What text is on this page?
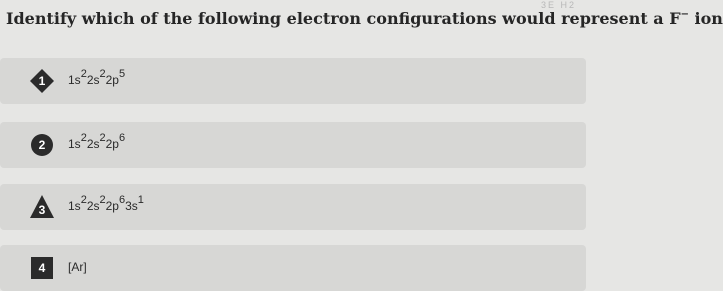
Identify which of the following electron configurations would represent a F− ion
3E H2
1	$1s^22s^22p^5$
2	$1s^22s^22p^6$
3	$1s^22s^22p^63s^1$
4	[Ar]
